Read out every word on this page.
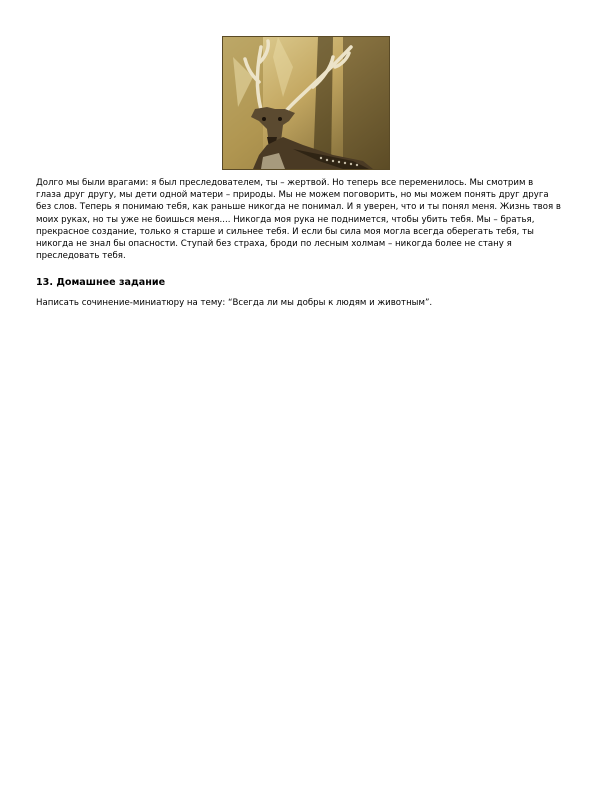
Долго мы были врагами: я был преследователем, ты – жертвой. Но теперь все переменилось. Мы смотрим в
глаза друг другу, мы дети одной матери – природы. Мы не можем поговорить, но мы можем понять друг друга
без слов. Теперь я понимаю тебя, как раньше никогда не понимал. И я уверен, что и ты понял меня. Жизнь твоя в
моих руках, но ты уже не боишься меня.... Никогда моя рука не поднимется, чтобы убить тебя. Мы – братья,
прекрасное создание, только я старше и сильнее тебя. И если бы сила моя могла всегда оберегать тебя, ты
никогда не знал бы опасности. Ступай без страха, броди по лесным холмам – никогда более не стану я
преследовать тебя.
13. Домашнее задание
Написать сочинение-миниатюру на тему: “Всегда ли мы добры к людям и животным”.
